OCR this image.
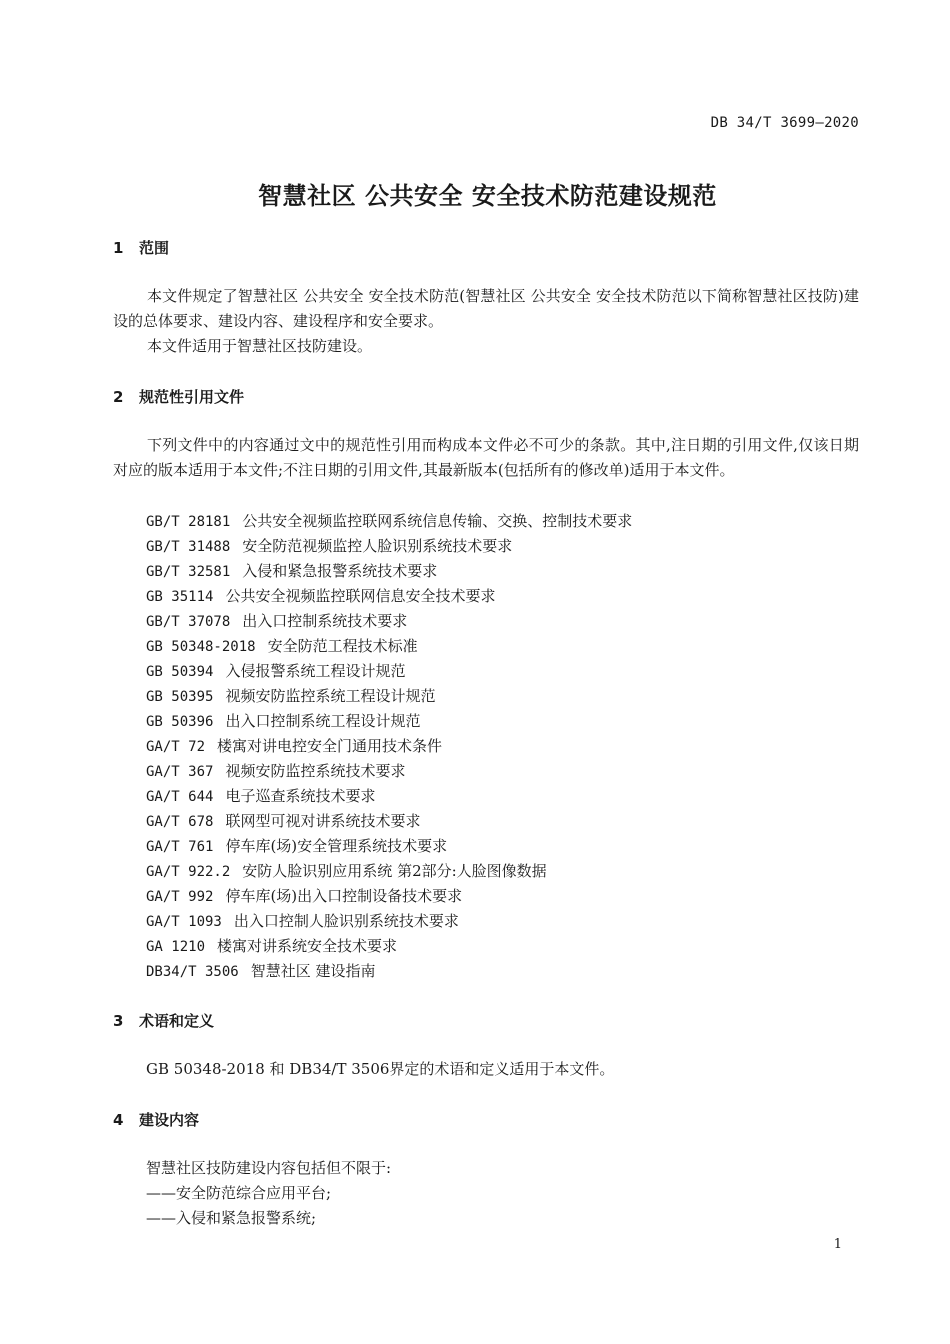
DB 34/T 3699—2020
智慧社区 公共安全 安全技术防范建设规范
1 范围
本文件规定了智慧社区 公共安全 安全技术防范(智慧社区 公共安全 安全技术防范以下简称智慧社区技防)建设的总体要求、建设内容、建设程序和安全要求。
本文件适用于智慧社区技防建设。
2 规范性引用文件
下列文件中的内容通过文中的规范性引用而构成本文件必不可少的条款。其中,注日期的引用文件,仅该日期对应的版本适用于本文件;不注日期的引用文件,其最新版本(包括所有的修改单)适用于本文件。
GB/T 28181 公共安全视频监控联网系统信息传输、交换、控制技术要求
GB/T 31488 安全防范视频监控人脸识别系统技术要求
GB/T 32581 入侵和紧急报警系统技术要求
GB 35114 公共安全视频监控联网信息安全技术要求
GB/T 37078 出入口控制系统技术要求
GB 50348-2018 安全防范工程技术标准
GB 50394 入侵报警系统工程设计规范
GB 50395 视频安防监控系统工程设计规范
GB 50396 出入口控制系统工程设计规范
GA/T 72 楼寓对讲电控安全门通用技术条件
GA/T 367 视频安防监控系统技术要求
GA/T 644 电子巡查系统技术要求
GA/T 678 联网型可视对讲系统技术要求
GA/T 761 停车库(场)安全管理系统技术要求
GA/T 922.2 安防人脸识别应用系统 第2部分:人脸图像数据
GA/T 992 停车库(场)出入口控制设备技术要求
GA/T 1093 出入口控制人脸识别系统技术要求
GA 1210 楼寓对讲系统安全技术要求
DB34/T 3506 智慧社区 建设指南
3 术语和定义
GB 50348-2018 和 DB34/T 3506界定的术语和定义适用于本文件。
4 建设内容
智慧社区技防建设内容包括但不限于:
——安全防范综合应用平台;
——入侵和紧急报警系统;
1
